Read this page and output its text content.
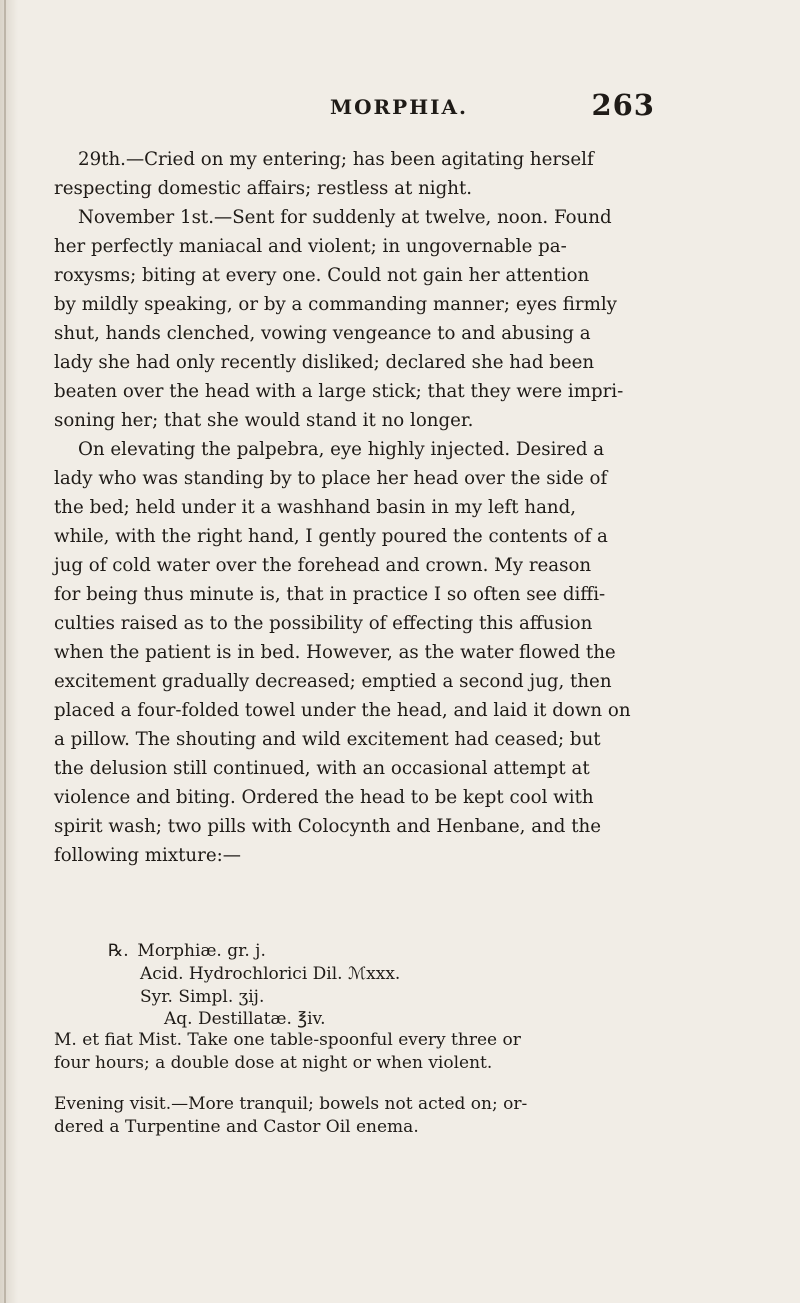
MORPHIA.	263
29th.—Cried on my entering; has been agitating herself
respecting domestic affairs; restless at night.
November 1st.—Sent for suddenly at twelve, noon. Found
her perfectly maniacal and violent; in ungovernable pa-
roxysms; biting at every one. Could not gain her attention
by mildly speaking, or by a commanding manner; eyes firmly
shut, hands clenched, vowing vengeance to and abusing a
lady she had only recently disliked; declared she had been
beaten over the head with a large stick; that they were impri-
soning her; that she would stand it no longer.
On elevating the palpebra, eye highly injected. Desired a
lady who was standing by to place her head over the side of
the bed; held under it a washhand basin in my left hand,
while, with the right hand, I gently poured the contents of a
jug of cold water over the forehead and crown. My reason
for being thus minute is, that in practice I so often see diffi-
culties raised as to the possibility of effecting this affusion
when the patient is in bed. However, as the water flowed the
excitement gradually decreased; emptied a second jug, then
placed a four-folded towel under the head, and laid it down on
a pillow. The shouting and wild excitement had ceased; but
the delusion still continued, with an occasional attempt at
violence and biting. Ordered the head to be kept cool with
spirit wash; two pills with Colocynth and Henbane, and the
following mixture:—
℞. Morphiæ. gr. j.
Acid. Hydrochlorici Dil. ℳxxx.
Syr. Simpl. ʒij.
Aq. Destillatæ. ℥iv.
M. et fiat Mist. Take one table-spoonful every three or
four hours; a double dose at night or when violent.
Evening visit.—More tranquil; bowels not acted on; or-
dered a Turpentine and Castor Oil enema.
